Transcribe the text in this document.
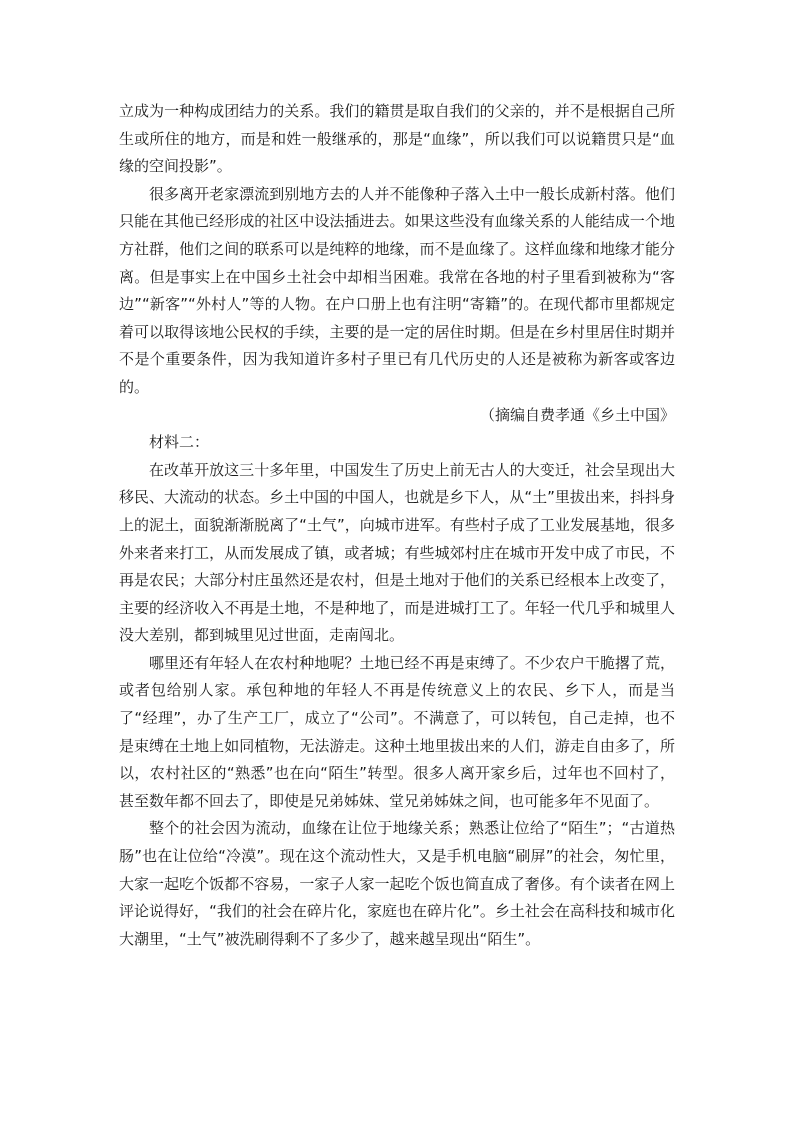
立成为一种构成团结力的关系。我们的籍贯是取自我们的父亲的，并不是根据自己所生或所住的地方，而是和姓一般继承的，那是“血缘”，所以我们可以说籍贯只是“血缘的空间投影”。

很多离开老家漂流到别地方去的人并不能像种子落入土中一般长成新村落。他们只能在其他已经形成的社区中设法插进去。如果这些没有血缘关系的人能结成一个地方社群，他们之间的联系可以是纯粹的地缘，而不是血缘了。这样血缘和地缘才能分离。但是事实上在中国乡土社会中却相当困难。我常在各地的村子里看到被称为“客边”“新客”“外村人”等的人物。在户口册上也有注明“寄籍”的。在现代都市里都规定着可以取得该地公民权的手续，主要的是一定的居住时期。但是在乡村里居住时期并不是个重要条件，因为我知道许多村子里已有几代历史的人还是被称为新客或客边的。

（摘编自费孝通《乡土中国》

材料二：

在改革开放这三十多年里，中国发生了历史上前无古人的大变迁，社会呈现出大移民、大流动的状态。乡土中国的中国人，也就是乡下人，从“土”里拔出来，抖抖身上的泥土，面貌渐渐脱离了“土气”，向城市进军。有些村子成了工业发展基地，很多外来者来打工，从而发展成了镇，或者城；有些城郊村庄在城市开发中成了市民，不再是农民；大部分村庄虽然还是农村，但是土地对于他们的关系已经根本上改变了，主要的经济收入不再是土地，不是种地了，而是进城打工了。年轻一代几乎和城里人没大差别，都到城里见过世面，走南闯北。

哪里还有年轻人在农村种地呢？土地已经不再是束缚了。不少农户干脆撂了荒，或者包给别人家。承包种地的年轻人不再是传统意义上的农民、乡下人，而是当了“经理”，办了生产工厂，成立了“公司”。不满意了，可以转包，自己走掉，也不是束缚在土地上如同植物，无法游走。这种土地里拔出来的人们，游走自由多了，所以，农村社区的“熟悉”也在向“陌生”转型。很多人离开家乡后，过年也不回村了，甚至数年都不回去了，即使是兄弟姊妹、堂兄弟姊妹之间，也可能多年不见面了。

整个的社会因为流动，血缘在让位于地缘关系；熟悉让位给了“陌生”；“古道热肠”也在让位给“冷漠”。现在这个流动性大，又是手机电脑“刷屏”的社会，匆忙里，大家一起吃个饭都不容易，一家子人家一起吃个饭也简直成了奢侈。有个读者在网上评论说得好，“我们的社会在碎片化，家庭也在碎片化”。乡土社会在高科技和城市化大潮里，“土气”被洗刷得剩不了多少了，越来越呈现出“陌生”。
